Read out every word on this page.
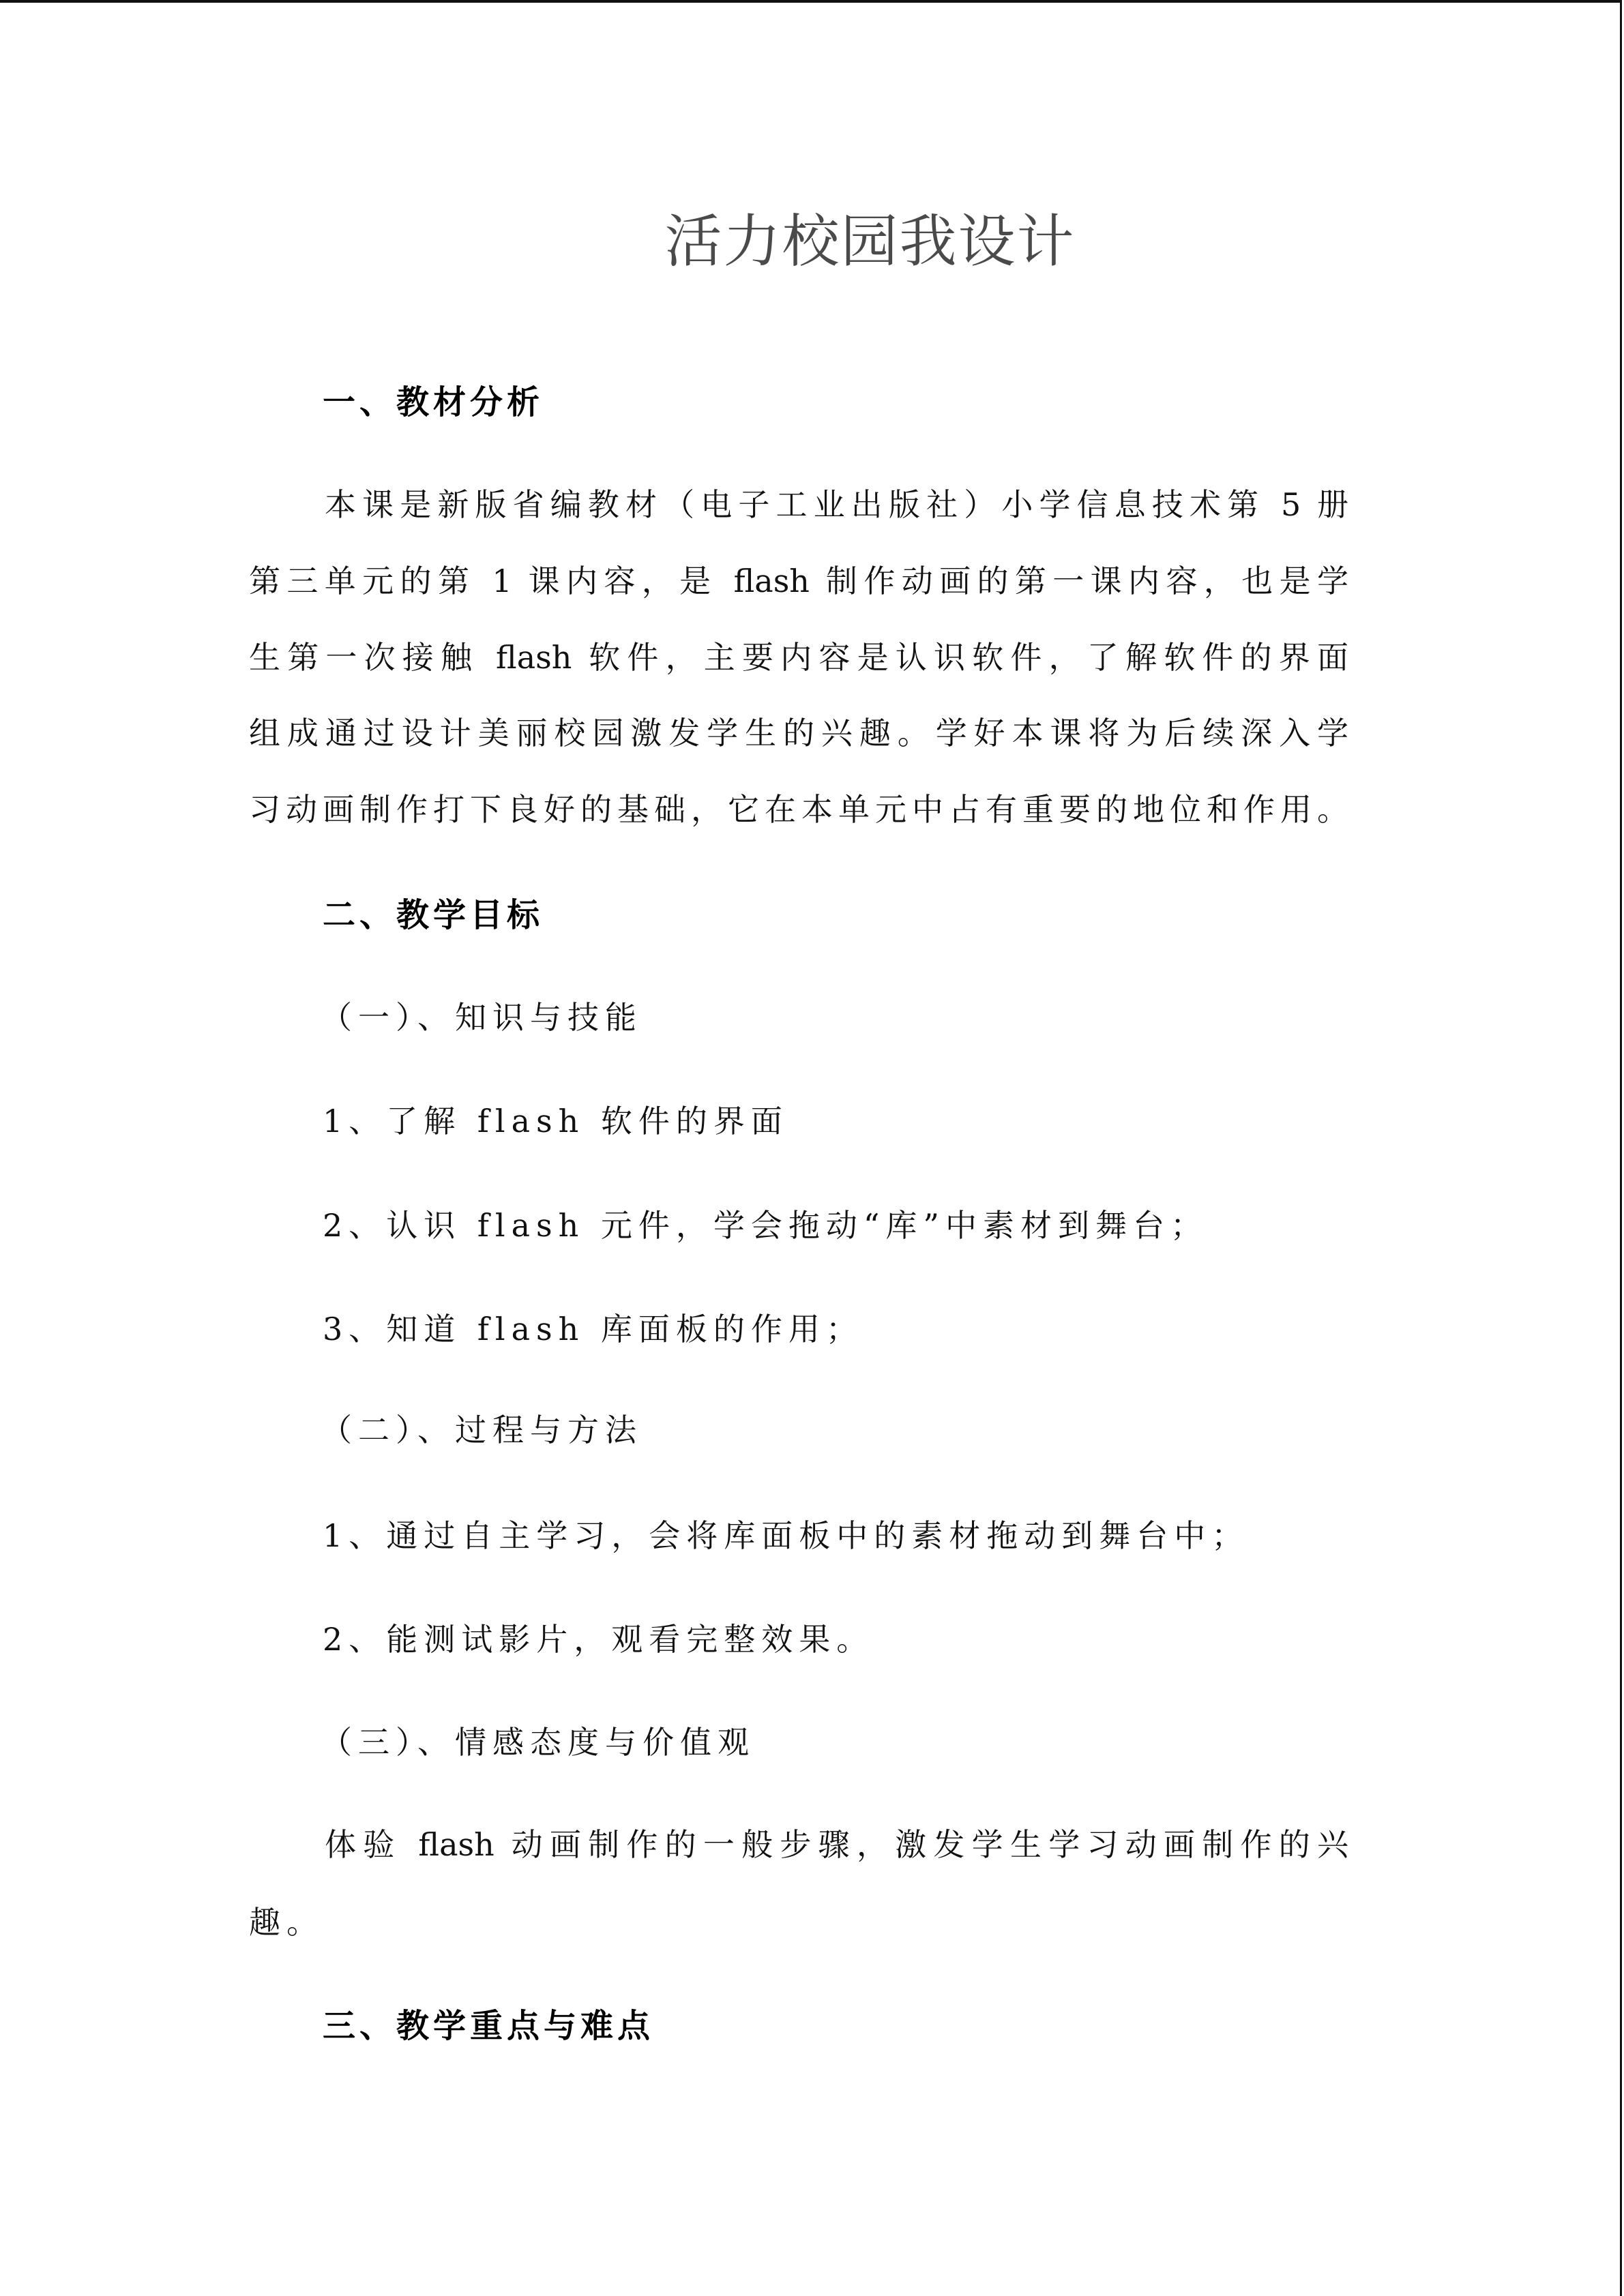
活力校园我设计
一、教材分析
本课是新版省编教材（电子工业出版社）小学信息技术第 5 册
第三单元的第 1 课内容，是 flash 制作动画的第一课内容，也是学
生第一次接触 flash 软件，主要内容是认识软件，了解软件的界面
组成通过设计美丽校园激发学生的兴趣。学好本课将为后续深入学
习动画制作打下良好的基础，它在本单元中占有重要的地位和作用。
二、教学目标
（一）、知识与技能
1、了解 flash 软件的界面
2、认识 flash 元件，学会拖动“库”中素材到舞台；
3、知道 flash 库面板的作用；
（二）、过程与方法
1、通过自主学习，会将库面板中的素材拖动到舞台中；
2、能测试影片，观看完整效果。
（三）、情感态度与价值观
体验 flash 动画制作的一般步骤，激发学生学习动画制作的兴
趣。
三、教学重点与难点
